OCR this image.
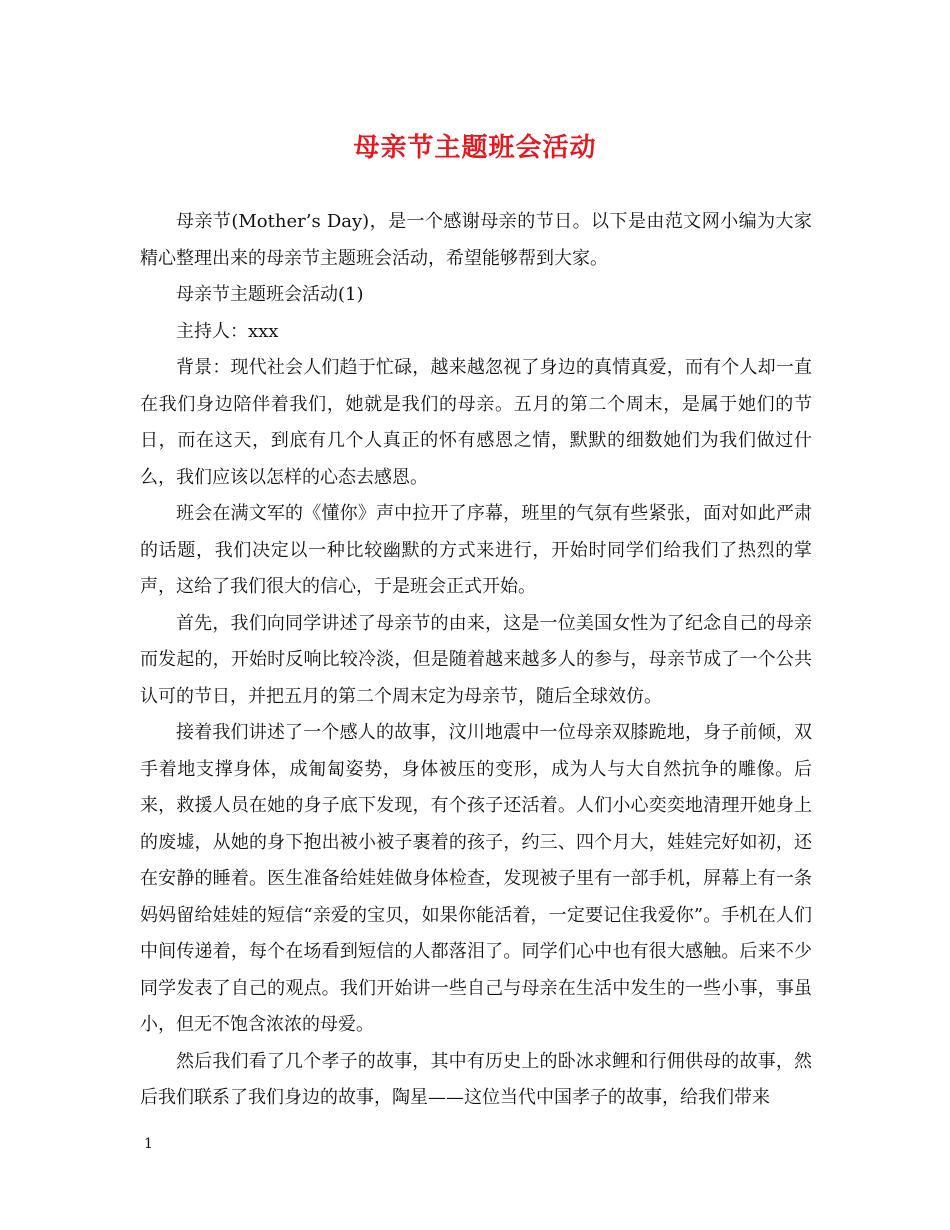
母亲节主题班会活动

母亲节(Mother’s Day)，是一个感谢母亲的节日。以下是由范文网小编为大家精心整理出来的母亲节主题班会活动，希望能够帮到大家。

母亲节主题班会活动(1)

主持人：xxx

背景：现代社会人们趋于忙碌，越来越忽视了身边的真情真爱，而有个人却一直在我们身边陪伴着我们，她就是我们的母亲。五月的第二个周末，是属于她们的节日，而在这天，到底有几个人真正的怀有感恩之情，默默的细数她们为我们做过什么，我们应该以怎样的心态去感恩。

班会在满文军的《懂你》声中拉开了序幕，班里的气氛有些紧张，面对如此严肃的话题，我们决定以一种比较幽默的方式来进行，开始时同学们给我们了热烈的掌声，这给了我们很大的信心，于是班会正式开始。

首先，我们向同学讲述了母亲节的由来，这是一位美国女性为了纪念自己的母亲而发起的，开始时反响比较冷淡，但是随着越来越多人的参与，母亲节成了一个公共认可的节日，并把五月的第二个周末定为母亲节，随后全球效仿。

接着我们讲述了一个感人的故事，汶川地震中一位母亲双膝跪地，身子前倾，双手着地支撑身体，成匍匐姿势，身体被压的变形，成为人与大自然抗争的雕像。后来，救援人员在她的身子底下发现，有个孩子还活着。人们小心奕奕地清理开她身上的废墟，从她的身下抱出被小被子裹着的孩子，约三、四个月大，娃娃完好如初，还在安静的睡着。医生准备给娃娃做身体检查，发现被子里有一部手机，屏幕上有一条妈妈留给娃娃的短信“亲爱的宝贝，如果你能活着，一定要记住我爱你”。手机在人们中间传递着，每个在场看到短信的人都落泪了。同学们心中也有很大感触。后来不少同学发表了自己的观点。我们开始讲一些自己与母亲在生活中发生的一些小事，事虽小，但无不饱含浓浓的母爱。

然后我们看了几个孝子的故事，其中有历史上的卧冰求鲤和行佣供母的故事，然后我们联系了我们身边的故事，陶星——这位当代中国孝子的故事，给我们带来

1
